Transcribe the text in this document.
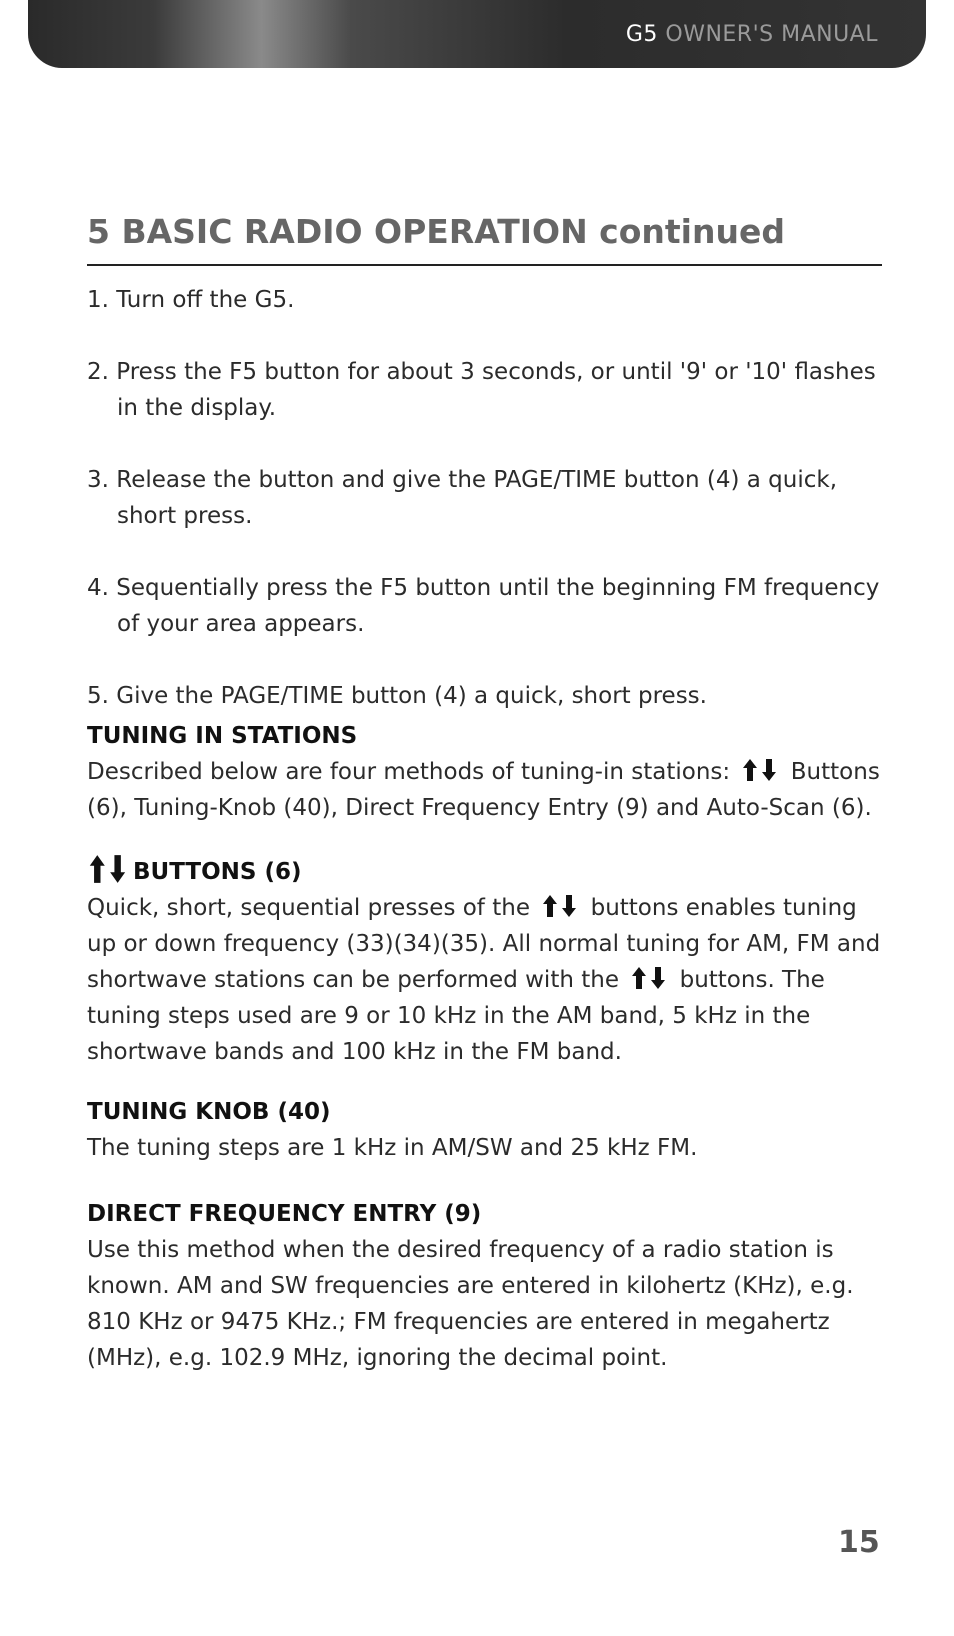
G5 OWNER'S MANUAL
5 BASIC RADIO OPERATION continued

1. Turn off the G5.

2. Press the F5 button for about 3 seconds, or until '9' or '10' flashes in the display.

3. Release the button and give the PAGE/TIME button (4) a quick, short press.

4. Sequentially press the F5 button until the beginning FM frequency of your area appears.

5. Give the PAGE/TIME button (4) a quick, short press.

TUNING IN STATIONS
Described below are four methods of tuning-in stations:	Buttons (6), Tuning-Knob (40), Direct Frequency Entry (9) and Auto-Scan (6).
BUTTONS (6)
Quick, short, sequential presses of the	buttons enables tuning up or down frequency (33)(34)(35). All normal tuning for AM, FM and shortwave stations can be performed with the	buttons. The tuning steps used are 9 or 10 kHz in the AM band, 5 kHz in the shortwave bands and 100 kHz in the FM band.
TUNING KNOB (40)
The tuning steps are 1 kHz in AM/SW and 25 kHz FM.
DIRECT FREQUENCY ENTRY (9)
Use this method when the desired frequency of a radio station is known. AM and SW frequencies are entered in kilohertz (KHz), e.g. 810 KHz or 9475 KHz.; FM frequencies are entered in megahertz (MHz), e.g. 102.9 MHz, ignoring the decimal point.
15
